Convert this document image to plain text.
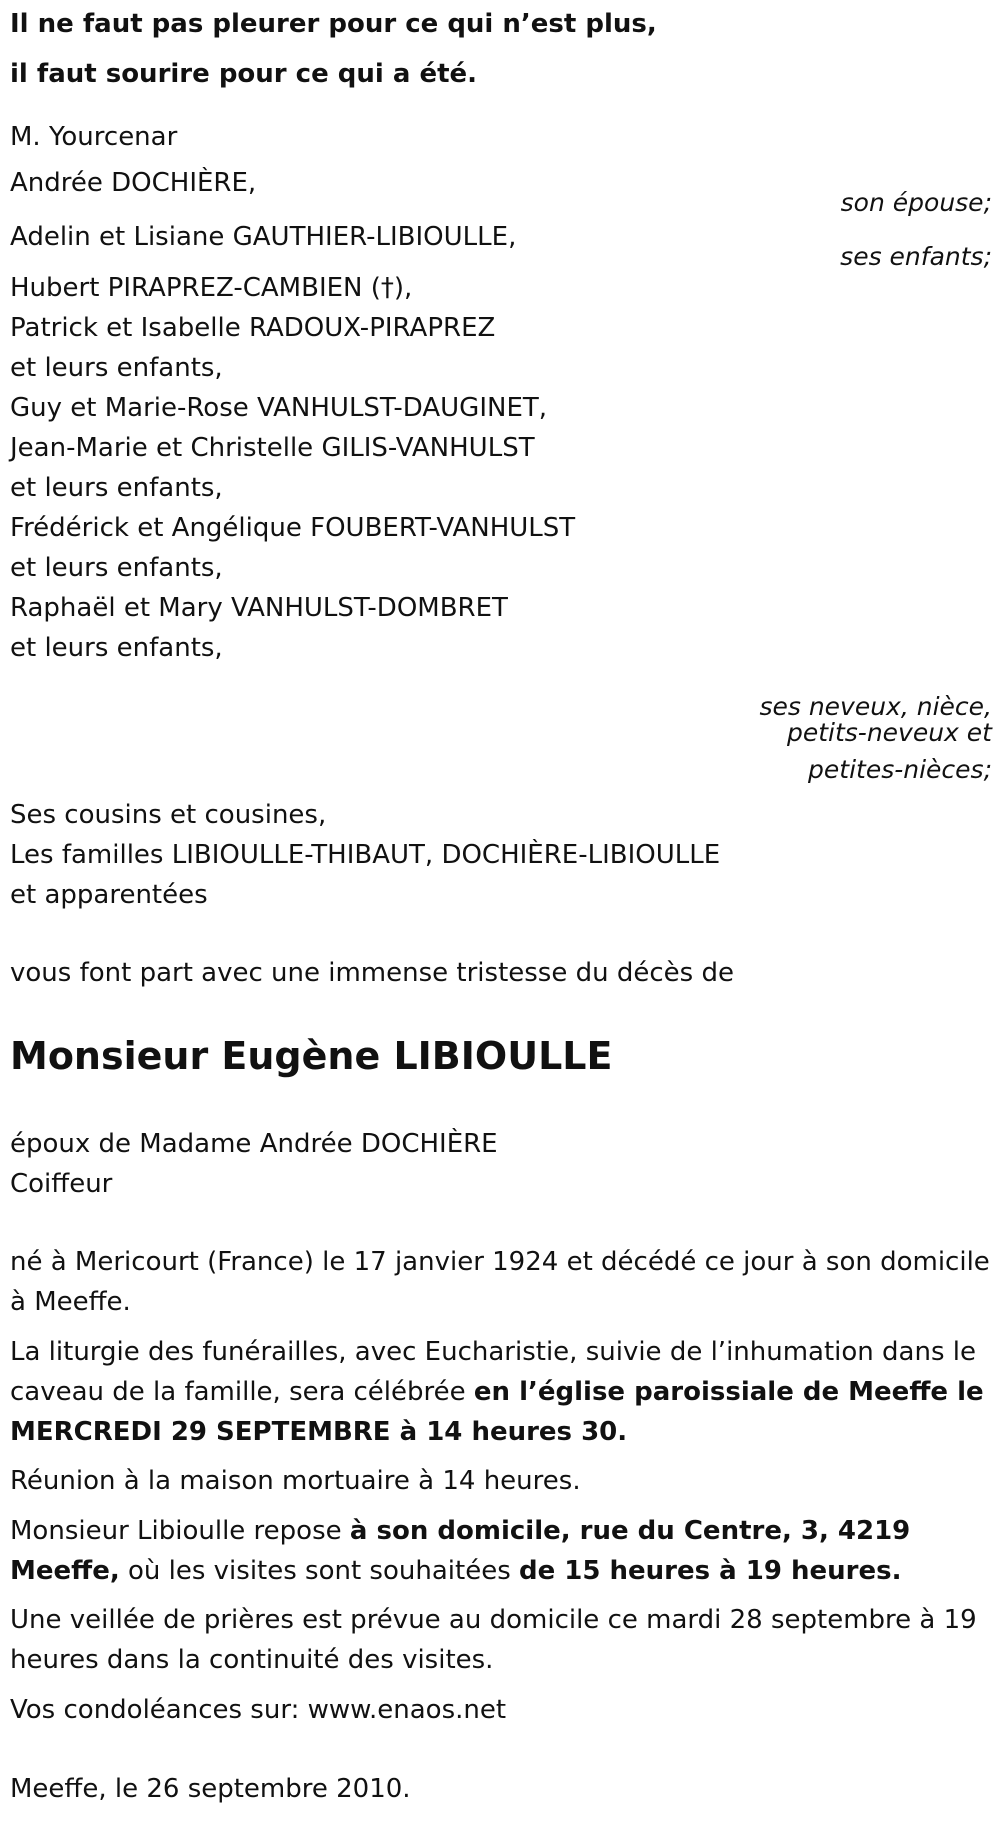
Il ne faut pas pleurer pour ce qui n’est plus,
il faut sourire pour ce qui a été.
M. Yourcenar
Andrée DOCHIÈRE,
son épouse;
Adelin et Lisiane GAUTHIER-LIBIOULLE,
ses enfants;
Hubert PIRAPREZ-CAMBIEN (†),
Patrick et Isabelle RADOUX-PIRAPREZ
et leurs enfants,
Guy et Marie-Rose VANHULST-DAUGINET,
Jean-Marie et Christelle GILIS-VANHULST
et leurs enfants,
Frédérick et Angélique FOUBERT-VANHULST
et leurs enfants,
Raphaël et Mary VANHULST-DOMBRET
et leurs enfants,
ses neveux, nièce,
petits-neveux et
petites-nièces;
Ses cousins et cousines,
Les familles LIBIOULLE-THIBAUT, DOCHIÈRE-LIBIOULLE
et apparentées
vous font part avec une immense tristesse du décès de
Monsieur Eugène LIBIOULLE
époux de Madame Andrée DOCHIÈRE
Coiffeur
né à Mericourt (France) le 17 janvier 1924 et décédé ce jour à son domicile à Meeffe.
La liturgie des funérailles, avec Eucharistie, suivie de l’inhumation dans le caveau de la famille, sera célébrée en l’église paroissiale de Meeffe le MERCREDI 29 SEPTEMBRE à 14 heures 30.
Réunion à la maison mortuaire à 14 heures.
Monsieur Libioulle repose à son domicile, rue du Centre, 3, 4219 Meeffe, où les visites sont souhaitées de 15 heures à 19 heures.
Une veillée de prières est prévue au domicile ce mardi 28 septembre à 19 heures dans la continuité des visites.
Vos condoléances sur: www.enaos.net
Meeffe, le 26 septembre 2010.
